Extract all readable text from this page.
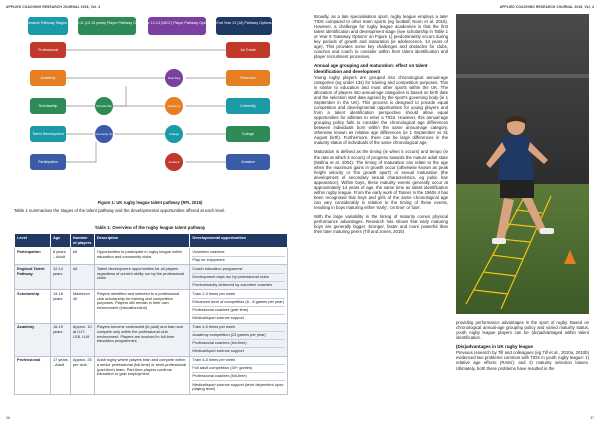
APPLIED COACHING RESEARCH JOURNAL 2018, Vol. 4
Performance Pathway Stages (Age)
Year 9-11 (13-15 years) Player Pathway Options
Year 12-13 (16/17) Player Pathway Options End Year 13 (18) Pathway Options
Participation
Talent Development
Scholarship
Academy
Professional
Community Club
Scholarship
College
Academy
Dual Reg
Amateur
1st Grade
Reserves
University
College
Amateur
Figure 1: UK rugby league talent pathway (RFL 2016)
Table 1 summarises the stages of the talent pathway and the developmental opportunities offered at each level.
Table 1: Overview of the rugby league talent pathway
Level	Age	Number of players	Description	Developmental opportunities
Participation	6 years – Adult	All	Opportunities to participate in rugby league within education and community clubs	Volunteer coaches
Play for enjoyment

England Talent Pathway	12-14 years	All	Talent development opportunities for all players regardless of current ability run by the professional clubs	Coach education programme
Development days run by professional clubs
Predominantly delivered by volunteer coaches

Scholarship	14-16 years	Maximum 40	Players identified and selected to a professional club scholarship for training and competition purposes. Players still remain in their own environment (education/club)	Train 2-3 times per week
Enhanced level of competition (6 - 8 games per year)
Professional coaches (part time)
Medical/sport science support

Academy	16-19 years	Approx. 10 at U17, U18, U19	Players become contracted (ie paid) and train and compete only within the professional club environment. Players are involved in full-time education programmes	Train 4-5 times per week
Academy competition (23 games per year)
Professional coaches (full-time)
Medical/sport science support

Professional	17 years - Adult	Approx. 25 per club	Adult rugby where players train and compete within a senior professional (full-time) or semi-professional (part-time) team. Part-time players continue education or gain employment	Train 4-5 times per week
Full adult competition (30+ games)
Professional coaches (full-time)
Medical/sport science support (level dependent upon playing level)
36
APPLIED COACHING RESEARCH JOURNAL 2018, Vol. 4

Broadly, as a late specialisation sport, rugby league employs a later TIDS compared to other team sports (eg football; Noon et al. 2015). However, a challenge for rugby league academies is that the first talent identification and development stage (see scholarship in Table 1 or Year 9 'Gateway Options' on Figure 1) predominantly occurs during key periods of growth and maturation (ie adolescence, 14 years of age). This provides some key challenges and obstacles for clubs, coaches and coach to consider within their talent identification and player recruitment processes.

Annual age grouping and maturation: effect on talent identification and development

Young rugby players are grouped into chronological annual-age categories (eg under 13s) for training and competition purposes. This is similar to education and most other sports within the UK. The allocation of players into annual-age categories is based on birth date and the selection start date agreed by the sport's governing body (ie 1 September in the UK). This process is designed to provide equal competition and developmental opportunities for young players and from a talent identification perspective should allow equal opportunities for athletes to enter a TIDS. However, this annual-age grouping policy fails to consider the chronological age differences between individuals born within the same annual-age category, otherwise known as relative age differences (ie 1 September vs 31 August birth). Furthermore, there can be large differences in the maturity status of individuals of the same chronological age.

Maturation is defined as the timing (ie when it occurs) and tempo (ie the rate at which it occurs) of progress towards the mature adult state (Malina et al. 2004). The timing of maturation can relate to the age when the maximum gains in growth occur (otherwise known as peak height velocity or 'the growth spurt') or sexual maturation (the development of secondary sexual characteristics, eg pubic hair appearance). Within boys, these maturity events generally occur at approximately 14 years of age, the same time as talent identification within rugby league. From the early work of Tanner in the 1960s it has been recognised that boys and girls of the same chronological age can vary considerably in relation to the timing of these events, resulting in boys maturing either 'early', 'on time' or 'late'.

With the large variability in the timing of maturity comes physical performance advantages. Research has shown that early maturing boys are generally bigger, stronger, faster and more powerful than their later maturing peers (Till and Jones, 2015)

providing performance advantages in the sport of rugby. Based on chronological annual-age grouping policy and varied maturity status, youth rugby league players can be (dis)advantaged within talent identification.

(Dis)advantages in UK rugby league

Previous research by Till and colleagues (eg Till et al., 2010a, 2010b) evidenced two problems common with TIDS in youth rugby league: 1) relative age effects (RAEs); and 2) maturity selection biases. Ultimately, both these problems have resulted in the

37
